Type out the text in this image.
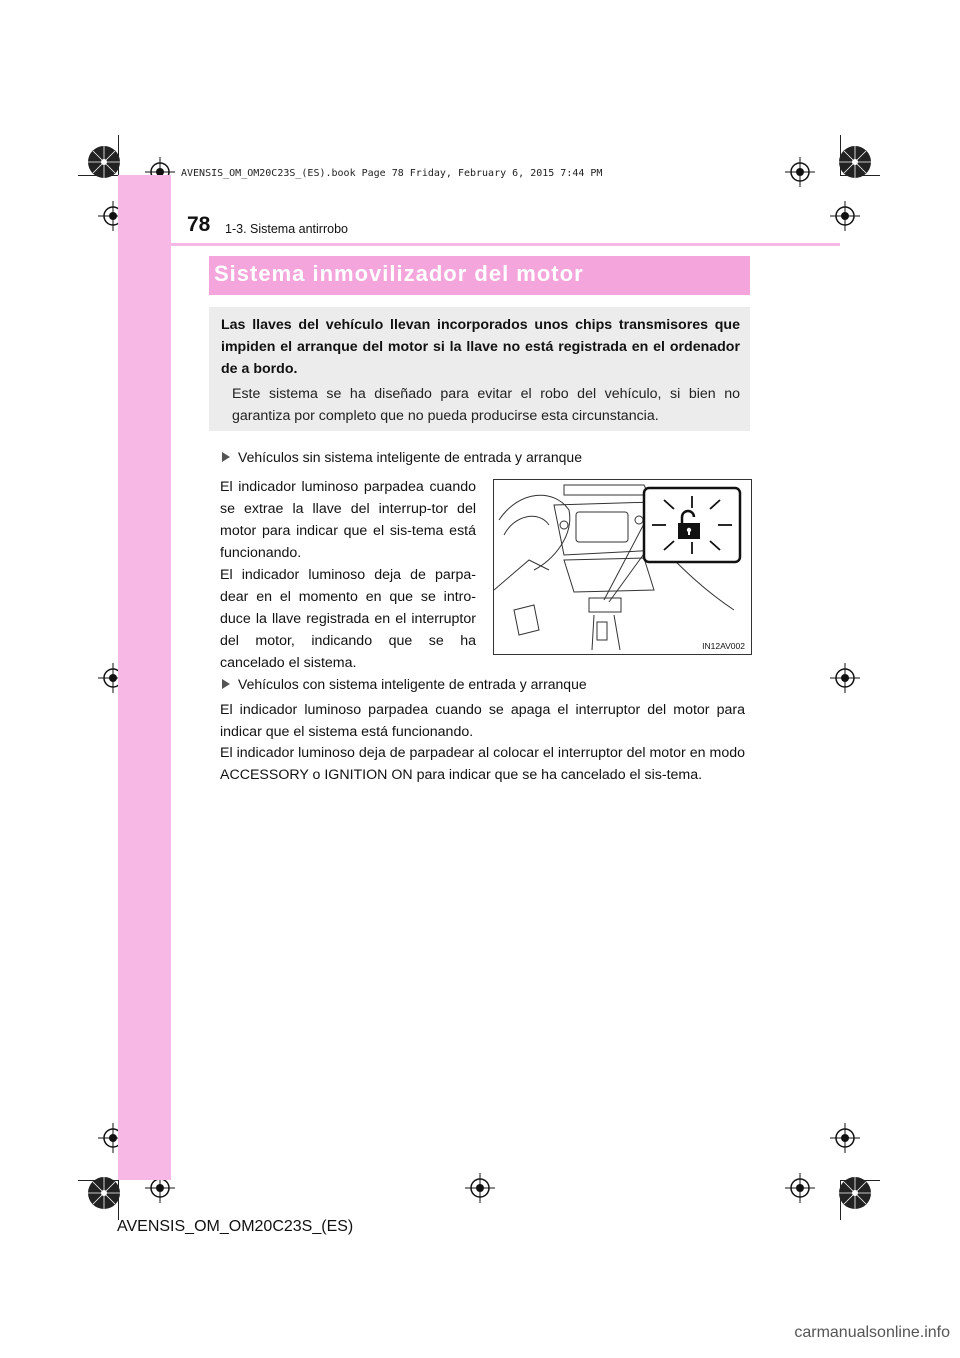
AVENSIS_OM_OM20C23S_(ES).book Page 78 Friday, February 6, 2015 7:44 PM
78 1-3. Sistema antirrobo
Sistema inmovilizador del motor
Las llaves del vehículo llevan incorporados unos chips transmisores que impiden el arranque del motor si la llave no está registrada en el ordenador de a bordo.
Este sistema se ha diseñado para evitar el robo del vehículo, si bien no garantiza por completo que no pueda producirse esta circunstancia.
Vehículos sin sistema inteligente de entrada y arranque
El indicador luminoso parpadea cuando se extrae la llave del interrup-tor del motor para indicar que el sis-tema está funcionando.
El indicador luminoso deja de parpa-dear en el momento en que se intro-duce la llave registrada en el interruptor del motor, indicando que se ha cancelado el sistema.
IN12AV002
Vehículos con sistema inteligente de entrada y arranque
El indicador luminoso parpadea cuando se apaga el interruptor del motor para indicar que el sistema está funcionando.
El indicador luminoso deja de parpadear al colocar el interruptor del motor en modo ACCESSORY o IGNITION ON para indicar que se ha cancelado el sis-tema.
AVENSIS_OM_OM20C23S_(ES)
carmanualsonline.info
